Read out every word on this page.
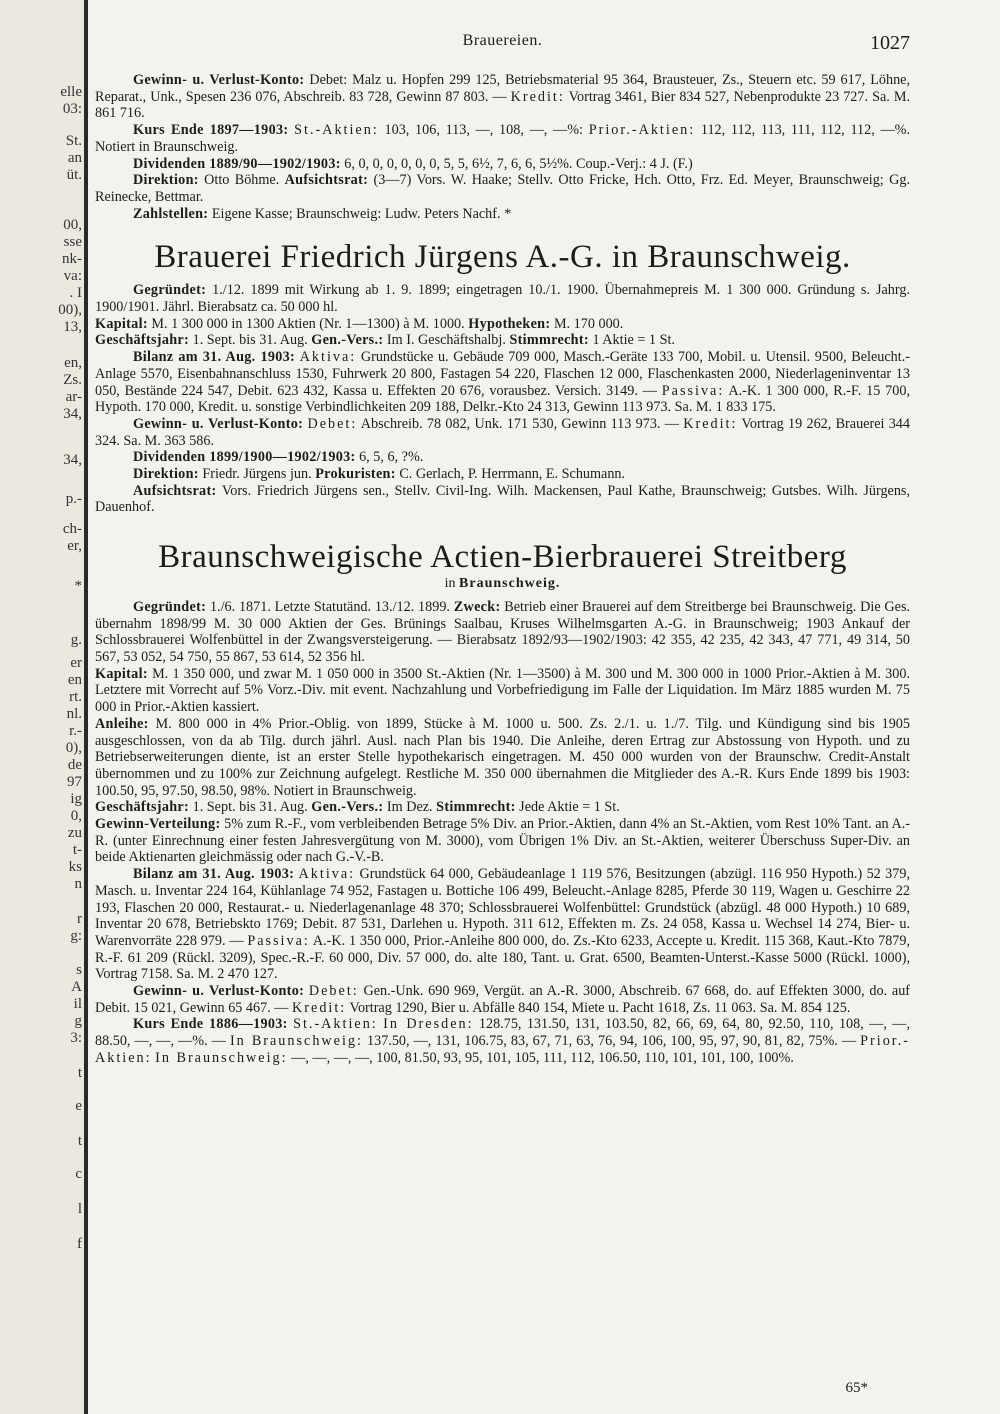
elle
03:
St.
an
üt.
00,
sse
nk-
va:
. I
00),
13,
en,
Zs.
ar-
34,
34,
p.-
ch-
er,
*
g.
er
en
rt.
nl.
r.-
0),
de
97
ig
0,
zu
t-
ks
n
r
g:
s
A
il
g
3:
t
e
t
c
l
f
Brauereien.	1027

Gewinn- u. Verlust-Konto: Debet: Malz u. Hopfen 299 125, Betriebsmaterial 95 364, Brausteuer, Zs., Steuern etc. 59 617, Löhne, Reparat., Unk., Spesen 236 076, Abschreib. 83 728, Gewinn 87 803. — Kredit: Vortrag 3461, Bier 834 527, Nebenprodukte 23 727. Sa. M. 861 716.

Kurs Ende 1897—1903: St.-Aktien: 103, 106, 113, —, 108, —, —%: Prior.-Aktien: 112, 112, 113, 111, 112, 112, —%. Notiert in Braunschweig.

Dividenden 1889/90—1902/1903: 6, 0, 0, 0, 0, 0, 0, 5, 5, 6½, 7, 6, 6, 5½%. Coup.-Verj.: 4 J. (F.)

Direktion: Otto Böhme. Aufsichtsrat: (3—7) Vors. W. Haake; Stellv. Otto Fricke, Hch. Otto, Frz. Ed. Meyer, Braunschweig; Gg. Reinecke, Bettmar.

Zahlstellen: Eigene Kasse; Braunschweig: Ludw. Peters Nachf. *

Brauerei Friedrich Jürgens A.-G. in Braunschweig.

Gegründet: 1./12. 1899 mit Wirkung ab 1. 9. 1899; eingetragen 10./1. 1900. Übernahmepreis M. 1 300 000. Gründung s. Jahrg. 1900/1901. Jährl. Bierabsatz ca. 50 000 hl.

Kapital: M. 1 300 000 in 1300 Aktien (Nr. 1—1300) à M. 1000. Hypotheken: M. 170 000.

Geschäftsjahr: 1. Sept. bis 31. Aug. Gen.-Vers.: Im I. Geschäftshalbj. Stimmrecht: 1 Aktie = 1 St.

Bilanz am 31. Aug. 1903: Aktiva: Grundstücke u. Gebäude 709 000, Masch.-Geräte 133 700, Mobil. u. Utensil. 9500, Beleucht.-Anlage 5570, Eisenbahnanschluss 1530, Fuhrwerk 20 800, Fastagen 54 220, Flaschen 12 000, Flaschenkasten 2000, Niederlageninventar 13 050, Bestände 224 547, Debit. 623 432, Kassa u. Effekten 20 676, vorausbez. Versich. 3149. — Passiva: A.-K. 1 300 000, R.-F. 15 700, Hypoth. 170 000, Kredit. u. sonstige Verbindlichkeiten 209 188, Delkr.-Kto 24 313, Gewinn 113 973. Sa. M. 1 833 175.

Gewinn- u. Verlust-Konto: Debet: Abschreib. 78 082, Unk. 171 530, Gewinn 113 973. — Kredit: Vortrag 19 262, Brauerei 344 324. Sa. M. 363 586.

Dividenden 1899/1900—1902/1903: 6, 5, 6, ?%.

Direktion: Friedr. Jürgens jun. Prokuristen: C. Gerlach, P. Herrmann, E. Schumann.

Aufsichtsrat: Vors. Friedrich Jürgens sen., Stellv. Civil-Ing. Wilh. Mackensen, Paul Kathe, Braunschweig; Gutsbes. Wilh. Jürgens, Dauenhof.

Braunschweigische Actien-Bierbrauerei Streitberg
in Braunschweig.

Gegründet: 1./6. 1871. Letzte Statutänd. 13./12. 1899. Zweck: Betrieb einer Brauerei auf dem Streitberge bei Braunschweig. Die Ges. übernahm 1898/99 M. 30 000 Aktien der Ges. Brünings Saalbau, Kruses Wilhelmsgarten A.-G. in Braunschweig; 1903 Ankauf der Schlossbrauerei Wolfenbüttel in der Zwangsversteigerung. — Bierabsatz 1892/93—1902/1903: 42 355, 42 235, 42 343, 47 771, 49 314, 50 567, 53 052, 54 750, 55 867, 53 614, 52 356 hl.

Kapital: M. 1 350 000, und zwar M. 1 050 000 in 3500 St.-Aktien (Nr. 1—3500) à M. 300 und M. 300 000 in 1000 Prior.-Aktien à M. 300. Letztere mit Vorrecht auf 5% Vorz.-Div. mit event. Nachzahlung und Vorbefriedigung im Falle der Liquidation. Im März 1885 wurden M. 75 000 in Prior.-Aktien kassiert.

Anleihe: M. 800 000 in 4% Prior.-Oblig. von 1899, Stücke à M. 1000 u. 500. Zs. 2./1. u. 1./7. Tilg. und Kündigung sind bis 1905 ausgeschlossen, von da ab Tilg. durch jährl. Ausl. nach Plan bis 1940. Die Anleihe, deren Ertrag zur Abstossung von Hypoth. und zu Betriebserweiterungen diente, ist an erster Stelle hypothekarisch eingetragen. M. 450 000 wurden von der Braunschw. Credit-Anstalt übernommen und zu 100% zur Zeichnung aufgelegt. Restliche M. 350 000 übernahmen die Mitglieder des A.-R. Kurs Ende 1899 bis 1903: 100.50, 95, 97.50, 98.50, 98%. Notiert in Braunschweig.

Geschäftsjahr: 1. Sept. bis 31. Aug. Gen.-Vers.: Im Dez. Stimmrecht: Jede Aktie = 1 St.

Gewinn-Verteilung: 5% zum R.-F., vom verbleibenden Betrage 5% Div. an Prior.-Aktien, dann 4% an St.-Aktien, vom Rest 10% Tant. an A.-R. (unter Einrechnung einer festen Jahresvergütung von M. 3000), vom Übrigen 1% Div. an St.-Aktien, weiterer Überschuss Super-Div. an beide Aktienarten gleichmässig oder nach G.-V.-B.

Bilanz am 31. Aug. 1903: Aktiva: Grundstück 64 000, Gebäudeanlage 1 119 576, Besitzungen (abzügl. 116 950 Hypoth.) 52 379, Masch. u. Inventar 224 164, Kühlanlage 74 952, Fastagen u. Bottiche 106 499, Beleucht.-Anlage 8285, Pferde 30 119, Wagen u. Geschirre 22 193, Flaschen 20 000, Restaurat.- u. Niederlagenanlage 48 370; Schlossbrauerei Wolfenbüttel: Grundstück (abzügl. 48 000 Hypoth.) 10 689, Inventar 20 678, Betriebskto 1769; Debit. 87 531, Darlehen u. Hypoth. 311 612, Effekten m. Zs. 24 058, Kassa u. Wechsel 14 274, Bier- u. Warenvorräte 228 979. — Passiva: A.-K. 1 350 000, Prior.-Anleihe 800 000, do. Zs.-Kto 6233, Accepte u. Kredit. 115 368, Kaut.-Kto 7879, R.-F. 61 209 (Rückl. 3209), Spec.-R.-F. 60 000, Div. 57 000, do. alte 180, Tant. u. Grat. 6500, Beamten-Unterst.-Kasse 5000 (Rückl. 1000), Vortrag 7158. Sa. M. 2 470 127.

Gewinn- u. Verlust-Konto: Debet: Gen.-Unk. 690 969, Vergüt. an A.-R. 3000, Abschreib. 67 668, do. auf Effekten 3000, do. auf Debit. 15 021, Gewinn 65 467. — Kredit: Vortrag 1290, Bier u. Abfälle 840 154, Miete u. Pacht 1618, Zs. 11 063. Sa. M. 854 125.

Kurs Ende 1886—1903: St.-Aktien: In Dresden: 128.75, 131.50, 131, 103.50, 82, 66, 69, 64, 80, 92.50, 110, 108, —, —, 88.50, —, —, —%. — In Braunschweig: 137.50, —, 131, 106.75, 83, 67, 71, 63, 76, 94, 106, 100, 95, 97, 90, 81, 82, 75%. — Prior.-Aktien: In Braunschweig: —, —, —, —, 100, 81.50, 93, 95, 101, 105, 111, 112, 106.50, 110, 101, 101, 100, 100%.

65*
